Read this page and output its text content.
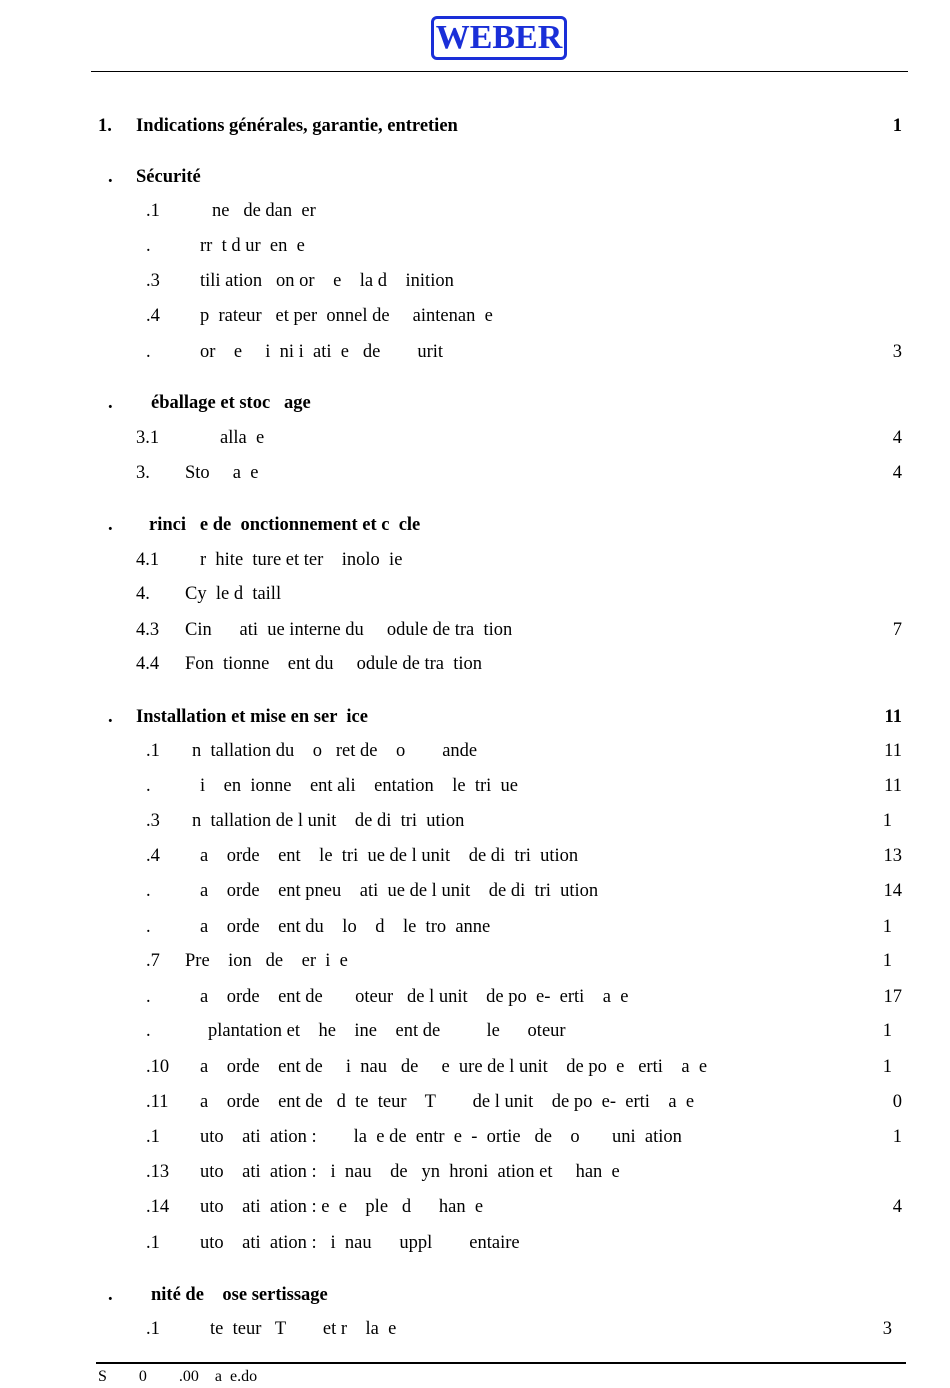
WEBER
1. Indications générales, garantie, entretien	1
. Sécurité
.1	ne   de dan  er
.	rr  t d ur  en  e
.3 tili ation   on or    e    la d    inition
.4 p  rateur   et per  onnel de     aintenan  e
.	or    e     i  ni i  ati  e   de        urit	3
. éballage et stoc   age
3.1	alla  e	4
3. Sto     a  e	4
. rinci   e de  onctionnement et c  cle
4.1 r  hite  ture et ter    inolo  ie
4. Cy  le d  taill
4.3 Cin      ati  ue interne du     odule de tra  tion	7
4.4 Fon  tionne    ent du     odule de tra  tion
. Installation et mise en ser  ice	11
.1 n  tallation du    o   ret de    o        ande	11
.	i    en  ionne    ent ali    entation    le  tri  ue	11
.3 n  tallation de l unit    de di  tri  ution	1
.4 a    orde    ent    le  tri  ue de l unit    de di  tri  ution	13
.	a    orde    ent pneu    ati  ue de l unit    de di  tri  ution	14
.	a    orde    ent du    lo    d    le  tro  anne	1
.7 Pre    ion   de    er  i  e	1
.	a    orde    ent de       oteur   de l unit    de po  e-  erti    a  e	17
.	plantation et    he    ine    ent de          le      oteur	1
.10 a    orde    ent de     i  nau   de     e  ure de l unit    de po  e   erti    a  e	1
.11 a    orde    ent de   d  te  teur    T        de l unit    de po  e-  erti    a  e	0
.1 uto    ati  ation :        la  e de  entr  e  -  ortie   de    o       uni  ation	1
.13 uto    ati  ation :   i  nau    de   yn  hroni  ation et     han  e
.14 uto    ati  ation : e  e    ple   d      han  e	4
.1 uto    ati  ation :   i  nau      uppl        entaire
. nité de    ose sertissage
.1	te  teur   T        et r    la  e	3
S        0        .00    a  e.do
